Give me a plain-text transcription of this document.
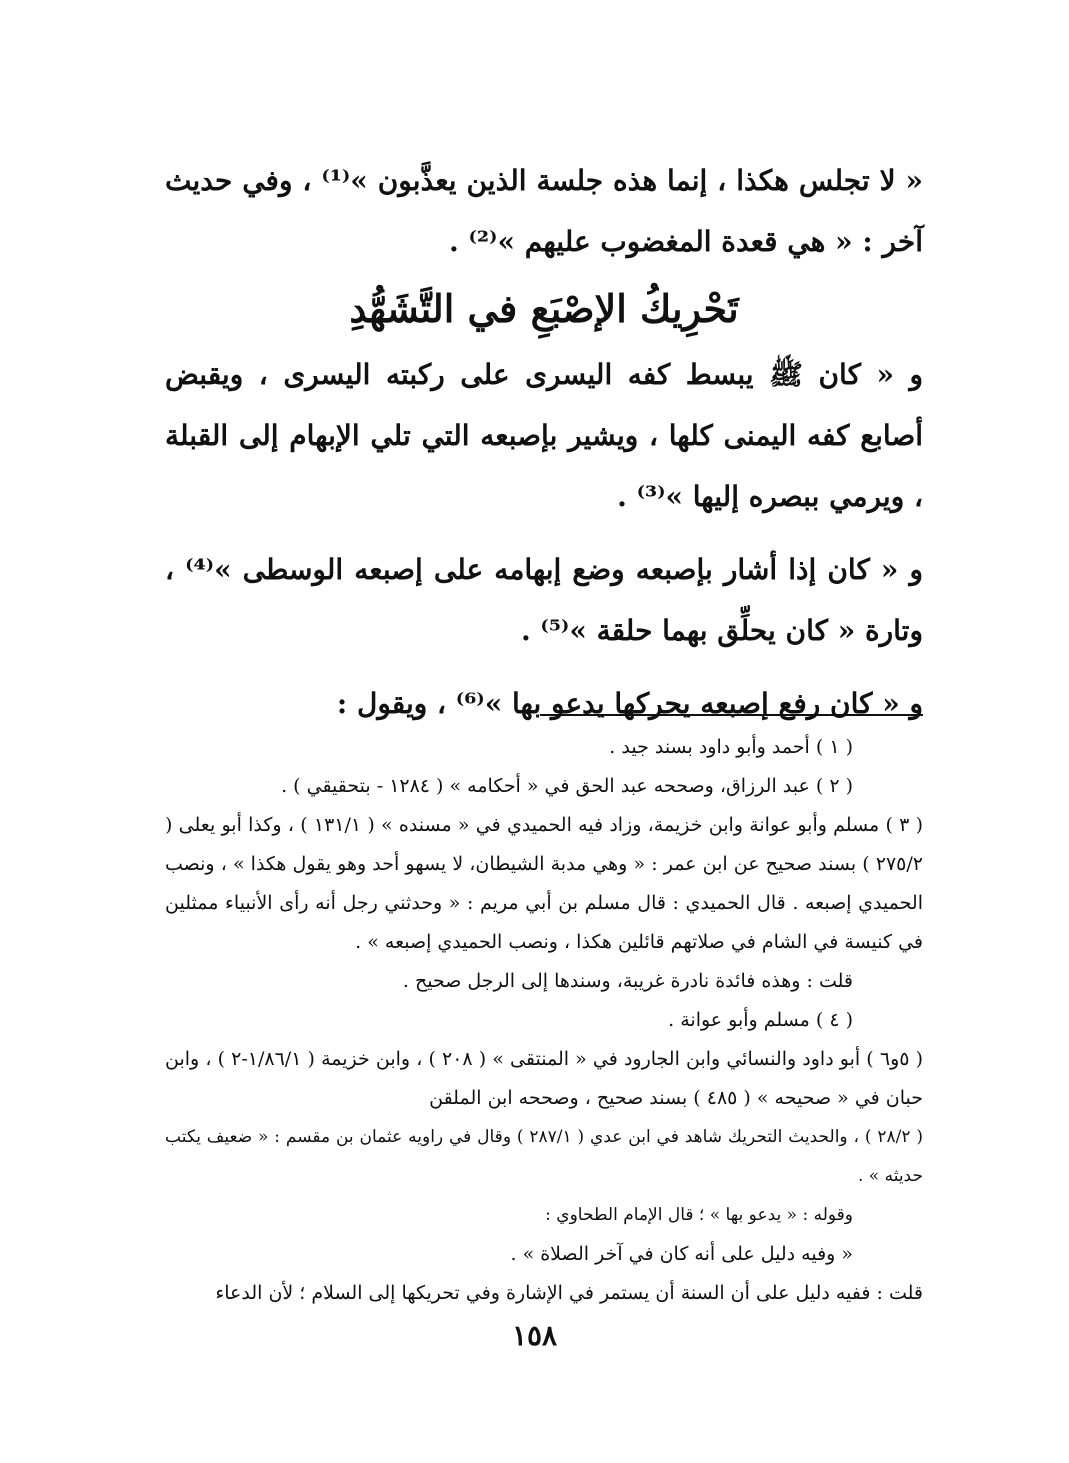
« لا تجلس هكذا ، إنما هذه جلسة الذين يعذَّبون »⁽¹⁾ ، وفي حديث آخر : « هي قعدة المغضوب عليهم »⁽²⁾ .

تَحْرِيكُ الإصْبَعِ في التَّشَهُّدِ

و « كان ﷺ يبسط كفه اليسرى على ركبته اليسرى ، ويقبض أصابع كفه اليمنى كلها ، ويشير بإصبعه التي تلي الإبهام إلى القبلة ، ويرمي ببصره إليها »⁽³⁾ .

و « كان إذا أشار بإصبعه وضع إبهامه على إصبعه الوسطى »⁽⁴⁾ ، وتارة « كان يحلِّق بهما حلقة »⁽⁵⁾ .

و « كان رفع إصبعه يحركها يدعو بها »⁽⁶⁾ ، ويقول :

( ١ ) أحمد وأبو داود بسند جيد .

( ٢ ) عبد الرزاق، وصححه عبد الحق في « أحكامه » ( ١٢٨٤ - بتحقيقي ) .

( ٣ ) مسلم وأبو عوانة وابن خزيمة، وزاد فيه الحميدي في « مسنده » ( ١٣١/١ ) ، وكذا أبو يعلى ( ٢٧٥/٢ ) بسند صحيح عن ابن عمر : « وهي مدبة الشيطان، لا يسهو أحد وهو يقول هكذا » ، ونصب الحميدي إصبعه . قال الحميدي : قال مسلم بن أبي مريم : « وحدثني رجل أنه رأى الأنبياء ممثلين في كنيسة في الشام في صلاتهم قائلين هكذا ، ونصب الحميدي إصبعه » .

قلت : وهذه فائدة نادرة غريبة، وسندها إلى الرجل صحيح .

( ٤ ) مسلم وأبو عوانة .

( ٥و٦ ) أبو داود والنسائي وابن الجارود في « المنتقى » ( ٢٠٨ ) ، وابن خزيمة ( ١/٨٦/١-٢ ) ، وابن حبان في « صحيحه » ( ٤٨٥ ) بسند صحيح ، وصححه ابن الملقن

( ٢٨/٢ ) ، والحديث التحريك شاهد في ابن عدي ( ٢٨٧/١ ) وقال في راويه عثمان بن مقسم : « ضعيف يكتب حديثه » .

وقوله : « يدعو بها » ؛ قال الإمام الطحاوي :

« وفيه دليل على أنه كان في آخر الصلاة » .

قلت : ففيه دليل على أن السنة أن يستمر في الإشارة وفي تحريكها إلى السلام ؛ لأن الدعاء

١٥٨
